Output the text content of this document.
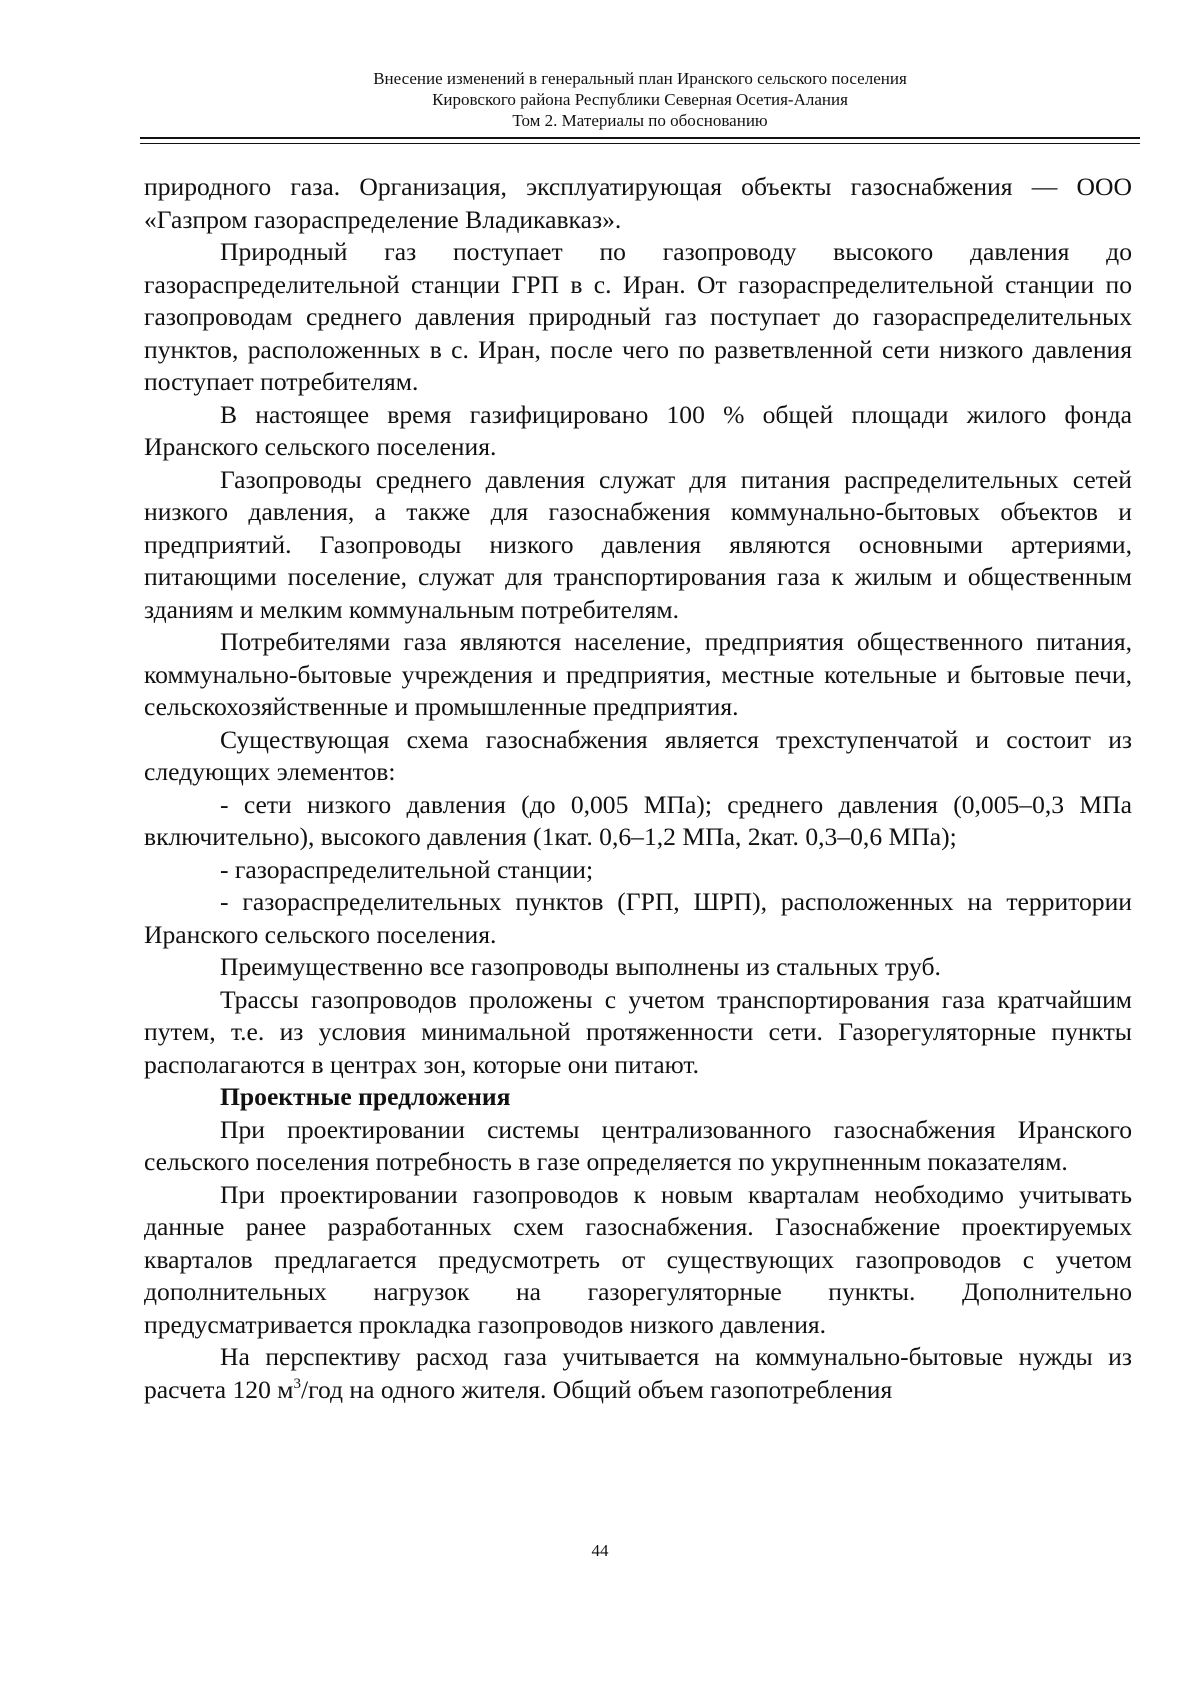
Внесение изменений в генеральный план Иранского сельского поселения
Кировского района Республики Северная Осетия-Алания
Том 2. Материалы по обоснованию

природного газа. Организация, эксплуатирующая объекты газоснабжения — ООО «Газпром газораспределение Владикавказ».

Природный газ поступает по газопроводу высокого давления до газораспределительной станции ГРП в с. Иран. От газораспределительной станции по газопроводам среднего давления природный газ поступает до газораспределительных пунктов, расположенных в с. Иран, после чего по разветвленной сети низкого давления поступает потребителям.

В настоящее время газифицировано 100 % общей площади жилого фонда Иранского сельского поселения.

Газопроводы среднего давления служат для питания распределительных сетей низкого давления, а также для газоснабжения коммунально-бытовых объектов и предприятий. Газопроводы низкого давления являются основными артериями, питающими поселение, служат для транспортирования газа к жилым и общественным зданиям и мелким коммунальным потребителям.

Потребителями газа являются население, предприятия общественного питания, коммунально-бытовые учреждения и предприятия, местные котельные и бытовые печи, сельскохозяйственные и промышленные предприятия.

Существующая схема газоснабжения является трехступенчатой и состоит из следующих элементов:

- сети низкого давления (до 0,005 МПа); среднего давления (0,005–0,3 МПа включительно), высокого давления (1кат. 0,6–1,2 МПа, 2кат. 0,3–0,6 МПа);

- газораспределительной станции;

- газораспределительных пунктов (ГРП, ШРП), расположенных на территории Иранского сельского поселения.

Преимущественно все газопроводы выполнены из стальных труб.

Трассы газопроводов проложены с учетом транспортирования газа кратчайшим путем, т.е. из условия минимальной протяженности сети. Газорегуляторные пункты располагаются в центрах зон, которые они питают.

Проектные предложения

При проектировании системы централизованного газоснабжения Иранского сельского поселения потребность в газе определяется по укрупненным показателям.

При проектировании газопроводов к новым кварталам необходимо учитывать данные ранее разработанных схем газоснабжения. Газоснабжение проектируемых кварталов предлагается предусмотреть от существующих газопроводов с учетом дополнительных нагрузок на газорегуляторные пункты. Дополнительно предусматривается прокладка газопроводов низкого давления.

На перспективу расход газа учитывается на коммунально-бытовые нужды из расчета 120 $м^3$/год на одного жителя. Общий объем газопотребления

44
